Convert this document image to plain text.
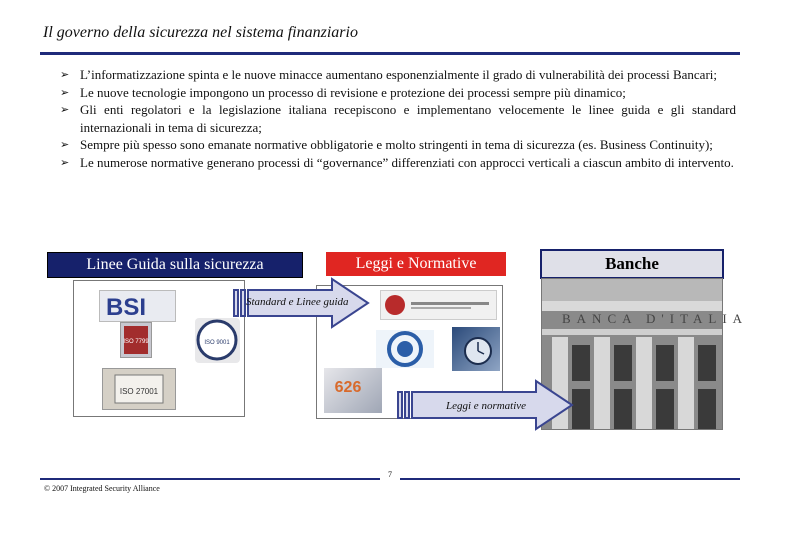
Il governo della sicurezza nel sistema finanziario
➢ L’informatizzazione spinta e le nuove minacce aumentano esponenzialmente il grado di vulnerabilità dei processi Bancari;
➢ Le nuove tecnologie impongono un processo di revisione e protezione dei processi sempre più dinamico;
➢ Gli enti regolatori e la legislazione italiana recepiscono e implementano velocemente le linee guida e gli standard internazionali in tema di sicurezza;
➢ Sempre più spesso sono emanate normative obbligatorie e molto stringenti in tema di sicurezza (es. Business Continuity);
➢ Le numerose normative generano processi di “governance” differenziati con approcci verticali a ciascun ambito di intervento.
Linee Guida sulla sicurezza	Leggi e Normative	Banche
BANCA D'ITALIA
BSI
ISO 7799	ISO 9001
ISO 27001	626
Standard e Linee guida
Leggi e normative
7
© 2007 Integrated Security Alliance
